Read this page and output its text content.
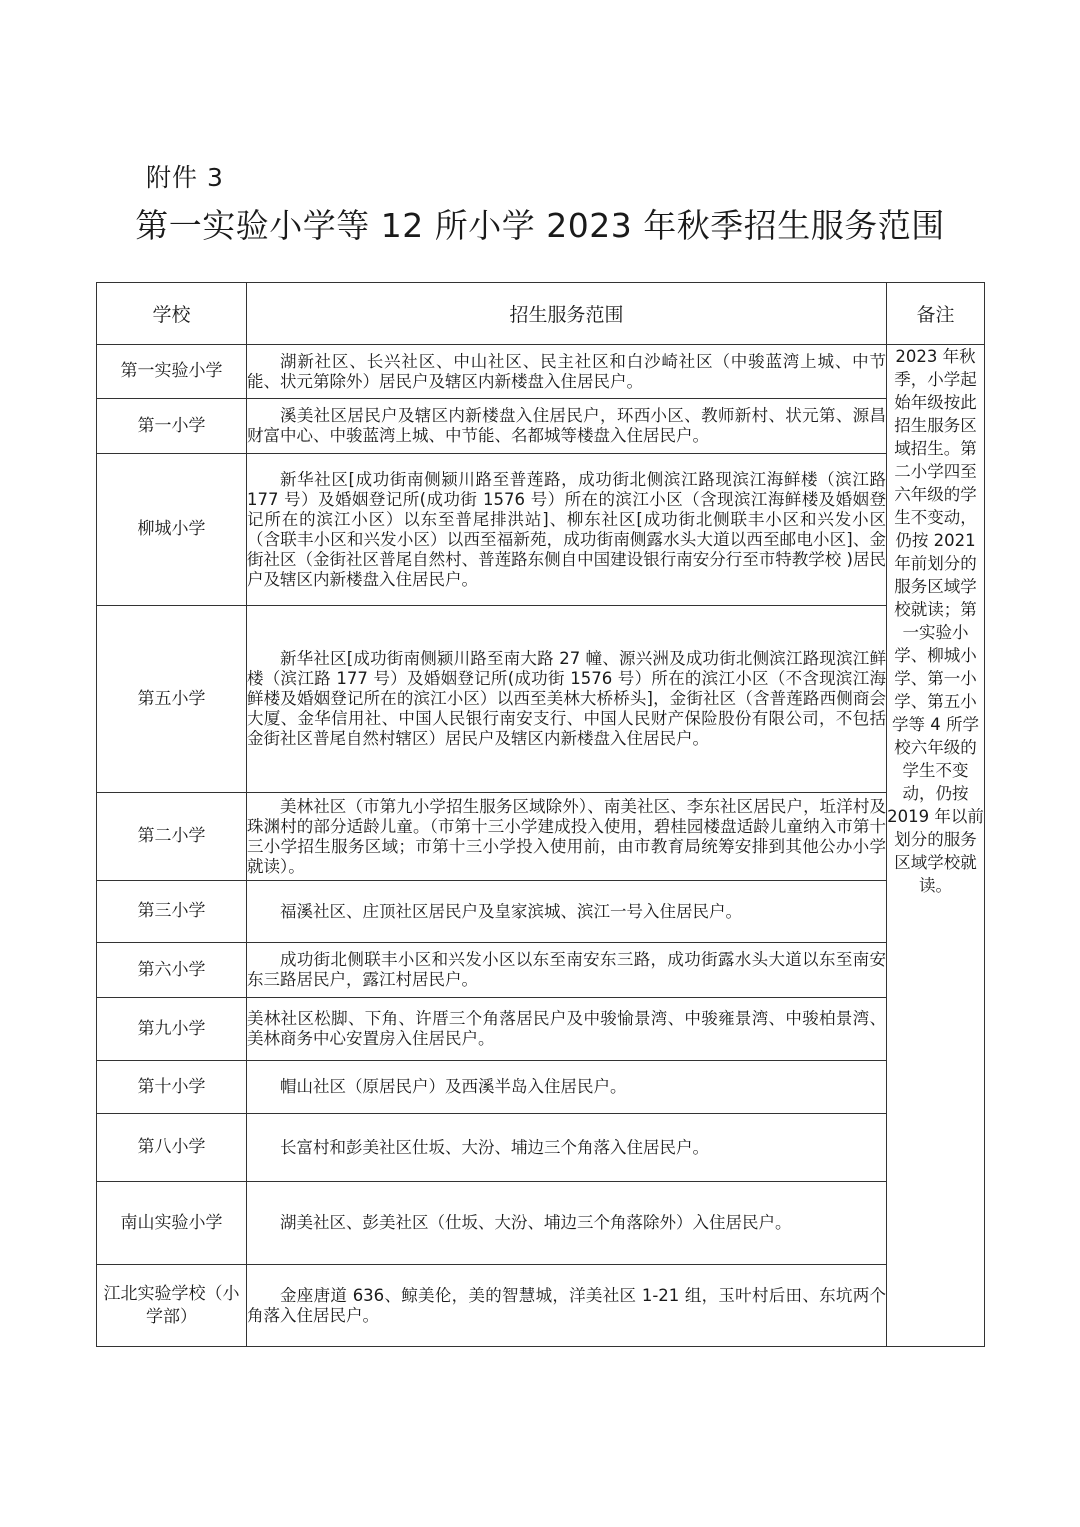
附件 3
第一实验小学等 12 所小学 2023 年秋季招生服务范围
学校	招生服务范围	备注
第一实验小学	湖新社区、长兴社区、中山社区、民主社区和白沙崎社区（中骏蓝湾上城、中节能、状元第除外）居民户及辖区内新楼盘入住居民户。	2023 年秋季，小学起始年级按此招生服务区域招生。第二小学四至六年级的学生不变动，仍按 2021 年前划分的服务区域学校就读；第一实验小学、柳城小学、第一小学、第五小学等 4 所学校六年级的学生不变动，仍按 2019 年以前划分的服务区域学校就读。
第一小学	溪美社区居民户及辖区内新楼盘入住居民户，环西小区、教师新村、状元第、源昌财富中心、中骏蓝湾上城、中节能、名都城等楼盘入住居民户。	
柳城小学	新华社区[成功街南侧颍川路至普莲路，成功街北侧滨江路现滨江海鲜楼（滨江路 177 号）及婚姻登记所(成功街 1576 号）所在的滨江小区（含现滨江海鲜楼及婚姻登记所在的滨江小区）以东至普尾排洪站]、柳东社区[成功街北侧联丰小区和兴发小区（含联丰小区和兴发小区）以西至福新苑，成功街南侧露水头大道以西至邮电小区]、金街社区（金街社区普尾自然村、普莲路东侧自中国建设银行南安分行至市特教学校 )居民户及辖区内新楼盘入住居民户。	
第五小学	新华社区[成功街南侧颍川路至南大路 27 幢、源兴洲及成功街北侧滨江路现滨江鲜楼（滨江路 177 号）及婚姻登记所(成功街 1576 号）所在的滨江小区（不含现滨江海鲜楼及婚姻登记所在的滨江小区）以西至美林大桥桥头]，金街社区（含普莲路西侧商会大厦、金华信用社、中国人民银行南安支行、中国人民财产保险股份有限公司，不包括金街社区普尾自然村辖区）居民户及辖区内新楼盘入住居民户。	
第二小学	美林社区（市第九小学招生服务区域除外）、南美社区、李东社区居民户，坵洋村及珠渊村的部分适龄儿童。（市第十三小学建成投入使用，碧桂园楼盘适龄儿童纳入市第十三小学招生服务区域；市第十三小学投入使用前，由市教育局统筹安排到其他公办小学就读）。	
第三小学	福溪社区、庄顶社区居民户及皇家滨城、滨江一号入住居民户。	
第六小学	成功街北侧联丰小区和兴发小区以东至南安东三路，成功街露水头大道以东至南安东三路居民户，露江村居民户。	
第九小学	美林社区松脚、下角、许厝三个角落居民户及中骏愉景湾、中骏雍景湾、中骏柏景湾、美林商务中心安置房入住居民户。	
第十小学	帽山社区（原居民户）及西溪半岛入住居民户。	
第八小学	长富村和彭美社区仕坂、大汾、埔边三个角落入住居民户。	
南山实验小学	湖美社区、彭美社区（仕坂、大汾、埔边三个角落除外）入住居民户。	
江北实验学校（小学部）	金座唐道 636、鲸美伦，美的智慧城，洋美社区 1-21 组，玉叶村后田、东坑两个角落入住居民户。	
